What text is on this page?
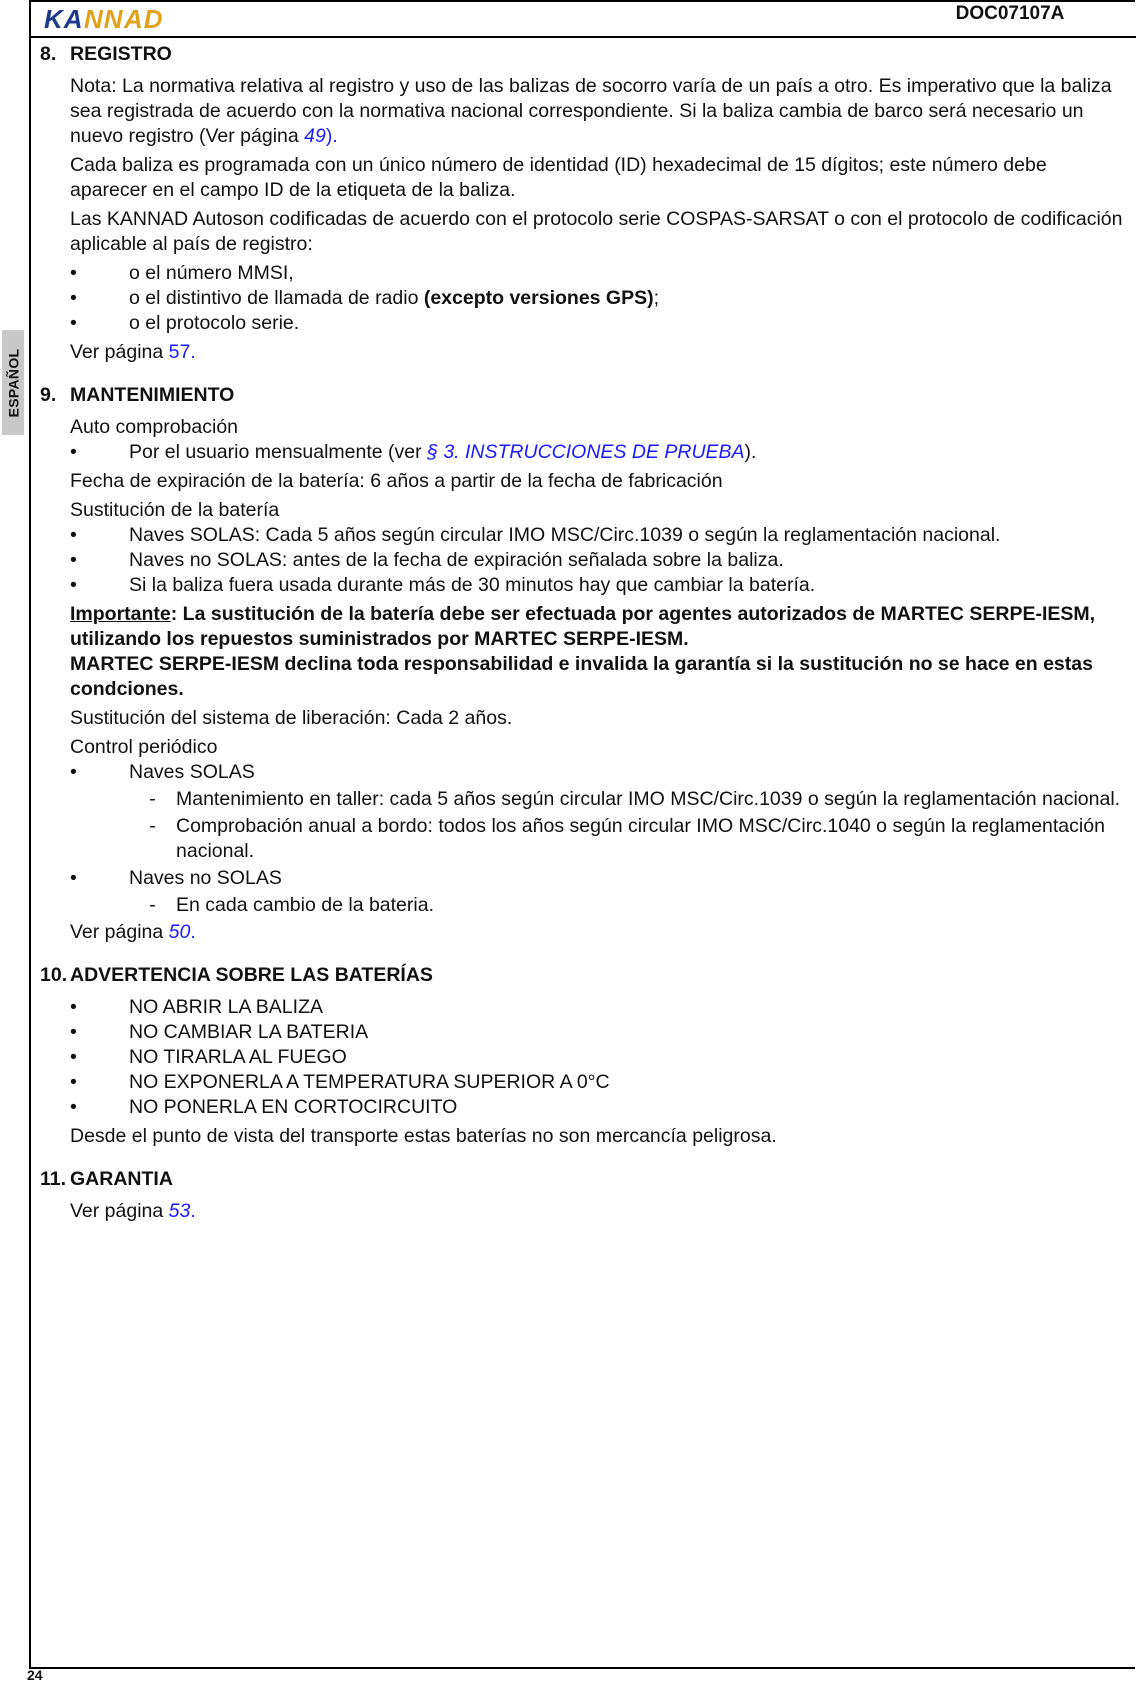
KA NN AD	DOC07107A
ESPAÑOL
24
8. REGISTRO
Nota: La normativa relativa al registro y uso de las balizas de socorro varía de un país a otro. Es imperativo que la baliza sea registrada de acuerdo con la normativa nacional correspondiente. Si la baliza cambia de barco será necesario un nuevo registro (Ver página 49).
Cada baliza es programada con un único número de identidad (ID) hexadecimal de 15 dígitos; este número debe aparecer en el campo ID de la etiqueta de la baliza.
Las KANNAD Autoson codificadas de acuerdo con el protocolo serie COSPAS-SARSAT o con el protocolo de codificación aplicable al país de registro:
•	o el número MMSI,
•	o el distintivo de llamada de radio (excepto versiones GPS);
•	o el protocolo serie.
Ver página 57.
9. MANTENIMIENTO
Auto comprobación
•	Por el usuario mensualmente (ver § 3. INSTRUCCIONES DE PRUEBA).
Fecha de expiración de la batería: 6 años a partir de la fecha de fabricación
Sustitución de la batería
•	Naves SOLAS: Cada 5 años según circular IMO MSC/Circ.1039 o según la reglamentación nacional.
•	Naves no SOLAS: antes de la fecha de expiración señalada sobre la baliza.
•	Si la baliza fuera usada durante más de 30 minutos hay que cambiar la batería.
Importante: La sustitución de la batería debe ser efectuada por agentes autorizados de MARTEC SERPE-IESM, utilizando los repuestos suministrados por MARTEC SERPE-IESM.
MARTEC SERPE-IESM declina toda responsabilidad e invalida la garantía si la sustitución no se hace en estas condciones.
Sustitución del sistema de liberación: Cada 2 años.
Control periódico
•	Naves SOLAS
-	Mantenimiento en taller: cada 5 años según circular IMO MSC/Circ.1039 o según la reglamentación nacional.
-	Comprobación anual a bordo: todos los años según circular IMO MSC/Circ.1040 o según la reglamentación nacional.
•	Naves no SOLAS
-	En cada cambio de la bateria.
Ver página 50.
10. ADVERTENCIA SOBRE LAS BATERÍAS
•	NO ABRIR LA BALIZA
•	NO CAMBIAR LA BATERIA
•	NO TIRARLA AL FUEGO
•	NO EXPONERLA A TEMPERATURA SUPERIOR A 0°C
•	NO PONERLA EN CORTOCIRCUITO
Desde el punto de vista del transporte estas baterías no son mercancía peligrosa.
11. GARANTIA
Ver página 53.
